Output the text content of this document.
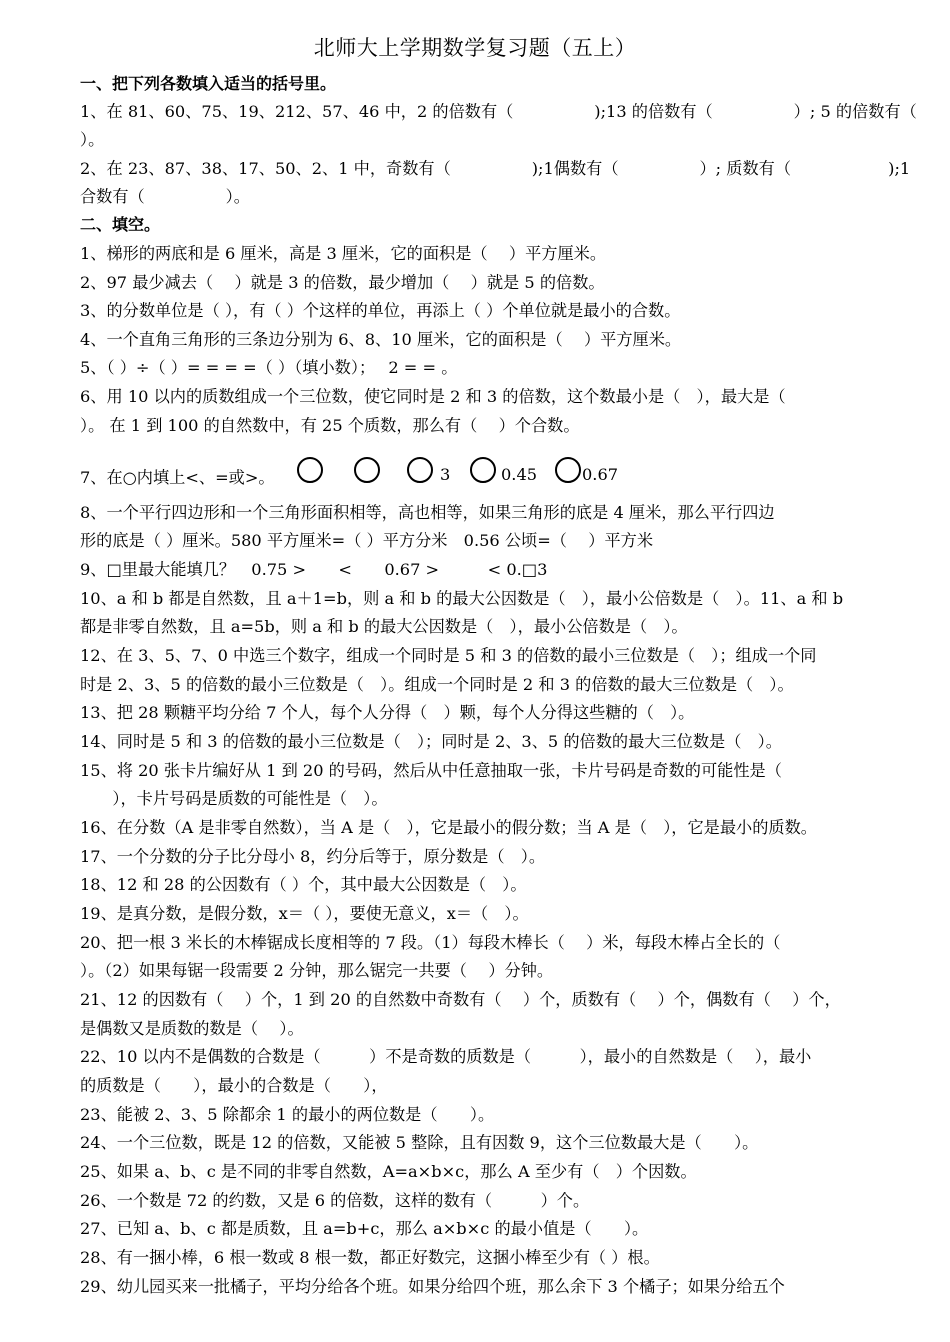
北师大上学期数学复习题（五上）
一、把下列各数填入适当的括号里。
1、在 81、60、75、19、212、57、46 中，2 的倍数有（　　　　　);13 的倍数有（　　　　　）; 5 的倍数有（
）。
2、在 23、87、38、17、50、2、1 中，奇数有（　　　　　);1偶数有（　　　　　）; 质数有（　　　　　　);1
合数有（　　　　　）。
二、填空。
1、梯形的两底和是 6 厘米，高是 3 厘米，它的面积是（　 ）平方厘米。
2、97 最少减去（　 ）就是 3 的倍数，最少增加（　 ）就是 5 的倍数。
3、的分数单位是（ ），有（ ）个这样的单位，再添上（ ）个单位就是最小的合数。
4、一个直角三角形的三条边分别为 6、8、10 厘米，它的面积是（　 ）平方厘米。
5、（ ）÷（ ）= = = =（ ）（填小数）；　 2 = = 。
6、用 10 以内的质数组成一个三位数，使它同时是 2 和 3 的倍数，这个数最小是（　），最大是（
）。 在 1 到 100 的自然数中，有 25 个质数，那么有（　 ）个合数。
7、在○内填上<、=或>。	3	0.45	0.67
8、一个平行四边形和一个三角形面积相等，高也相等，如果三角形的底是 4 厘米，那么平行四边
形的底是（ ）厘米。580 平方厘米=（ ）平方分米　0.56 公顷=（　 ）平方米
9、□里最大能填几？　0.75 >　　<　　0.67 >　　　< 0.□3
10、a 和 b 都是自然数，且 a＋1=b，则 a 和 b 的最大公因数是（　），最小公倍数是（　）。11、a 和 b
都是非零自然数，且 a=5b，则 a 和 b 的最大公因数是（　），最小公倍数是（　）。
12、在 3、5、7、0 中选三个数字，组成一个同时是 5 和 3 的倍数的最小三位数是（　）；组成一个同
时是 2、3、5 的倍数的最小三位数是（　）。组成一个同时是 2 和 3 的倍数的最大三位数是（　）。
13、把 28 颗糖平均分给 7 个人，每个人分得（　）颗，每个人分得这些糖的（　）。
14、同时是 5 和 3 的倍数的最小三位数是（　）；同时是 2、3、5 的倍数的最大三位数是（　）。
15、将 20 张卡片编好从 1 到 20 的号码，然后从中任意抽取一张，卡片号码是奇数的可能性是（
　　），卡片号码是质数的可能性是（　）。
16、在分数（A 是非零自然数），当 A 是（　），它是最小的假分数；当 A 是（　），它是最小的质数。
17、一个分数的分子比分母小 8，约分后等于，原分数是（　）。
18、12 和 28 的公因数有（ ）个，其中最大公因数是（　）。
19、是真分数，是假分数，x＝（ ），要使无意义，x＝（　）。
20、把一根 3 米长的木棒锯成长度相等的 7 段。（1）每段木棒长（　 ）米，每段木棒占全长的（
）。（2）如果每锯一段需要 2 分钟，那么锯完一共要（　 ）分钟。
21、12 的因数有（　 ）个，1 到 20 的自然数中奇数有（　 ）个，质数有（　 ）个，偶数有（　 ）个，
是偶数又是质数的数是（　 ）。
22、10 以内不是偶数的合数是（　　　）不是奇数的质数是（　　　），最小的自然数是（　 ），最小
的质数是（　　），最小的合数是（　　），
23、能被 2、3、5 除都余 1 的最小的两位数是（　　）。
24、一个三位数，既是 12 的倍数，又能被 5 整除，且有因数 9，这个三位数最大是（　　）。
25、如果 a、b、c 是不同的非零自然数，A=a×b×c，那么 A 至少有（　）个因数。
26、一个数是 72 的约数，又是 6 的倍数，这样的数有（　　　）个。
27、已知 a、b、c 都是质数，且 a=b+c，那么 a×b×c 的最小值是（　　）。
28、有一捆小棒，6 根一数或 8 根一数，都正好数完，这捆小棒至少有（ ）根。
29、幼儿园买来一批橘子，平均分给各个班。如果分给四个班，那么余下 3 个橘子；如果分给五个
